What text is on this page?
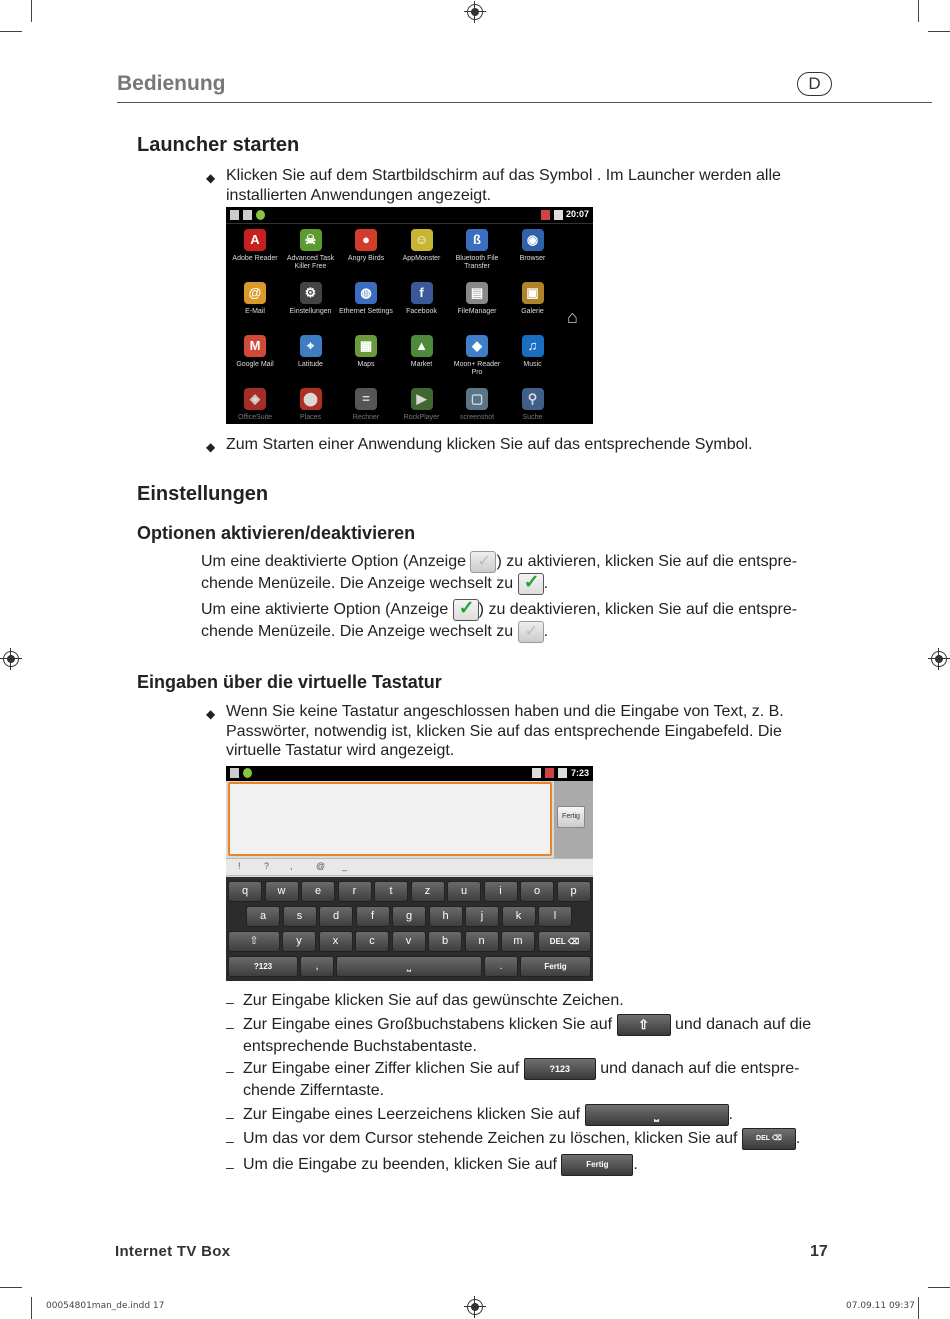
Bedienung	D
Launcher starten
◆ Klicken Sie auf dem Startbildschirm auf das Symbol . Im Launcher werden alle installierten Anwendungen angezeigt.
20:07
A
Adobe Reader
☠
Advanced Task Killer Free
●
Angry Birds
☺
AppMonster
ß
Bluetooth File Transfer
◉
Browser
@
E-Mail
⚙
Einstellungen
◍
Ethernet Settings
f
Facebook
▤
FileManager
▣
Galerie
M
Google Mail
⌖
Latitude
▦
Maps
▲
Market
◆
Moon+ Reader Pro
♫
Music
◈
OfficeSuite
⬤
Places
=
Rechner
▶
RockPlayer
▢
screenshot
⚲
Suche
⌂
◆ Zum Starten einer Anwendung klicken Sie auf das entsprechende Symbol.
Einstellungen
Optionen aktivieren/deaktivieren
Um eine deaktivierte Option (Anzeige ✓) zu aktivieren, klicken Sie auf die entspre-
chende Menüzeile. Die Anzeige wechselt zu ✓.
Um eine aktivierte Option (Anzeige ✓) zu deaktivieren, klicken Sie auf die entspre-
chende Menüzeile. Die Anzeige wechselt zu ✓.
Eingaben über die virtuelle Tastatur
◆ Wenn Sie keine Tastatur angeschlossen haben und die Eingabe von Text, z. B.
Passwörter, notwendig ist, klicken Sie auf das entsprechende Eingabefeld. Die
virtuelle Tastatur wird angezeigt.
7:23
Fertig
!	? ,	@ _
q	w	e	r	t	z	u	i	o	p
a	s	d	f	g	h	j	k	l
⇧	y	x	c	v	b	n	m	DEL ⌫
?123	,	⎵	.	Fertig
– Zur Eingabe klicken Sie auf das gewünschte Zeichen.
– Zur Eingabe eines Großbuchstabens klicken Sie auf ⇧ und danach auf die
entsprechende Buchstabentaste.
– Zur Eingabe einer Ziffer klichen Sie auf	?123 und danach auf die entspre-
chende Zifferntaste.
– Zur Eingabe eines Leerzeichens klicken Sie auf	⎵	.
– Um das vor dem Cursor stehende Zeichen zu löschen, klicken Sie auf DEL ⌫ .
– Um die Eingabe zu beenden, klicken Sie auf	Fertig .
Internet TV Box	17
00054801man_de.indd 17	07.09.11 09:37
